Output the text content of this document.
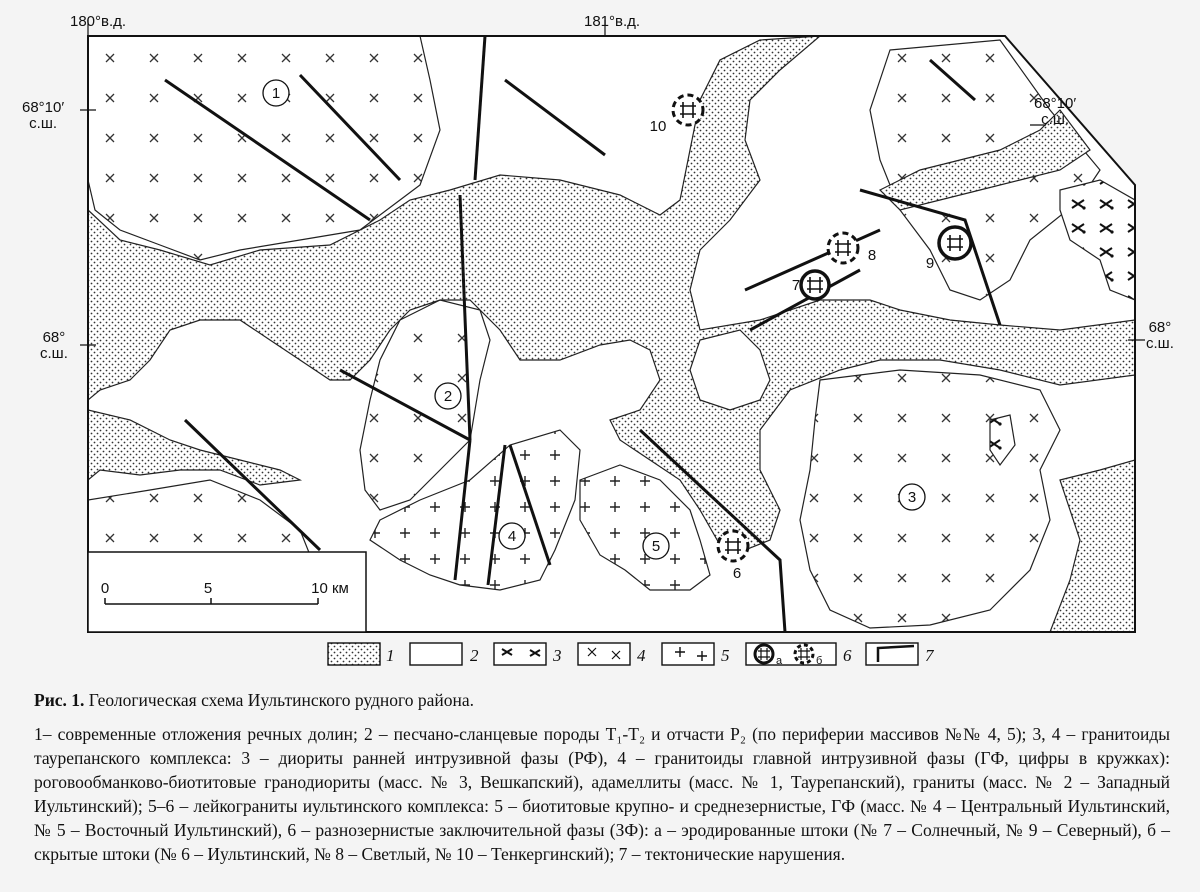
1
2
3
4
5
6
7
8	9
10
0	5	10 км
1	2	3	4	5	6	7
а	б
180°в.д.	181°в.д.
68°10′
с.ш.
68°10′
с.ш.
68°
с.ш.
68°
с.ш.
Рис. 1. Геологическая схема Иультинского рудного района.
1– современные отложения речных долин; 2 – песчано-сланцевые породы T₁-T₂ и отчасти P₂ (по периферии массивов №№ 4, 5); 3, 4 – гранитоиды таурепанского комплекса: 3 – диориты ранней интрузивной фазы (РФ), 4 – гранитоиды главной интрузивной фазы (ГФ, цифры в кружках): роговообманково-биотитовые гранодиориты (масс. № 3, Вешкапский), адамеллиты (масс. № 1, Таурепанский), граниты (масс. № 2 – Западный Иультинский); 5–6 – лейкограниты иультинского комплекса: 5 – биотитовые крупно- и среднезернистые, ГФ (масс. № 4 – Центральный Иультинский, № 5 – Восточный Иультинский), 6 – разнозернистые заключительной фазы (ЗФ): а – эродированные штоки (№ 7 – Солнечный, № 9 – Северный), б – скрытые штоки (№ 6 – Иультинский, № 8 – Светлый, № 10 – Тенкергинский); 7 – тектонические нарушения.
